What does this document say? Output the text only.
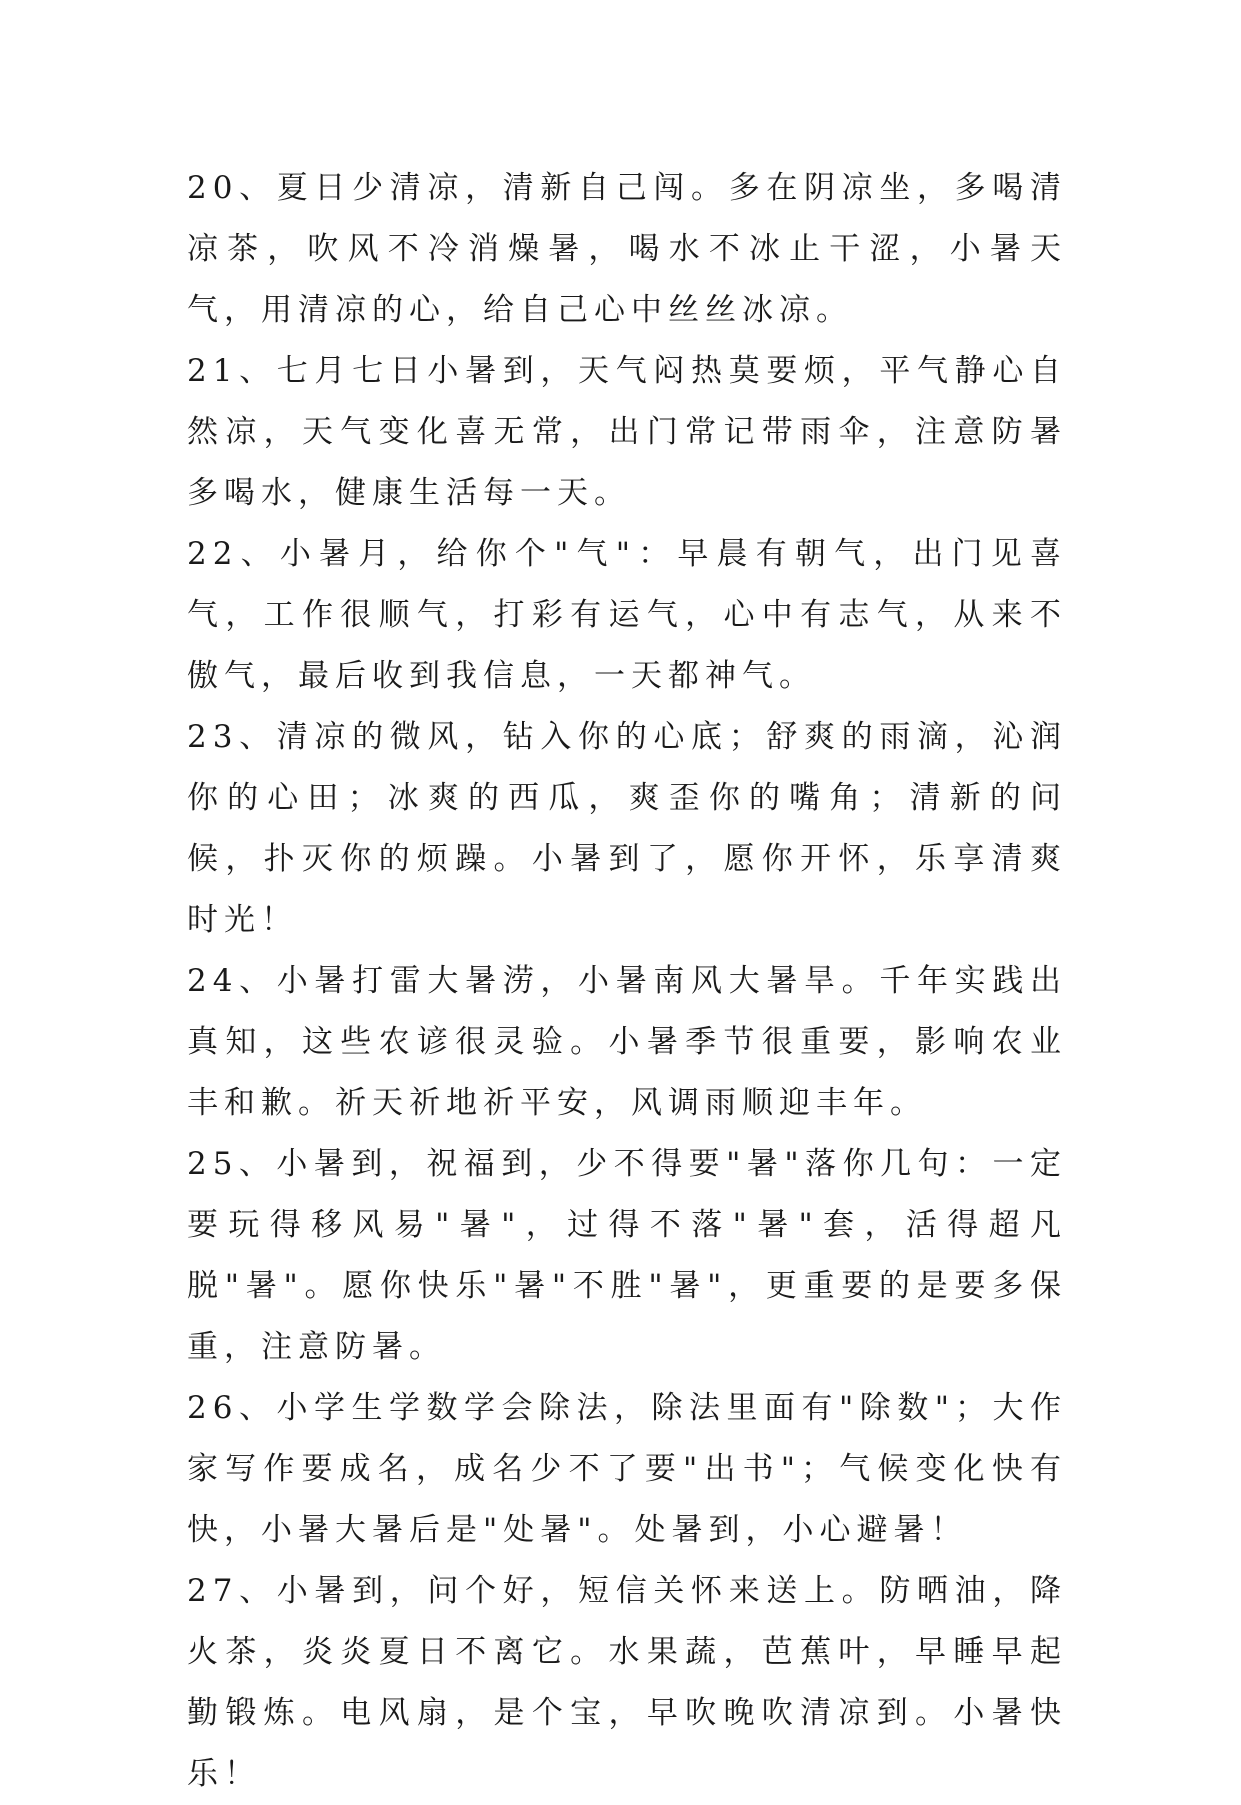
20、夏日少清凉，清新自己闯。多在阴凉坐，多喝清凉茶，吹风不冷消燥暑，喝水不冰止干涩，小暑天气，用清凉的心，给自己心中丝丝冰凉。

21、七月七日小暑到，天气闷热莫要烦，平气静心自然凉，天气变化喜无常，出门常记带雨伞，注意防暑多喝水，健康生活每一天。

22、小暑月，给你个"气"：早晨有朝气，出门见喜气，工作很顺气，打彩有运气，心中有志气，从来不傲气，最后收到我信息，一天都神气。

23、清凉的微风，钻入你的心底；舒爽的雨滴，沁润你的心田；冰爽的西瓜，爽歪你的嘴角；清新的问候，扑灭你的烦躁。小暑到了，愿你开怀，乐享清爽时光！

24、小暑打雷大暑涝，小暑南风大暑旱。千年实践出真知，这些农谚很灵验。小暑季节很重要，影响农业丰和歉。祈天祈地祈平安，风调雨顺迎丰年。

25、小暑到，祝福到，少不得要"暑"落你几句：一定要玩得移风易"暑"，过得不落"暑"套，活得超凡脱"暑"。愿你快乐"暑"不胜"暑"，更重要的是要多保重，注意防暑。

26、小学生学数学会除法，除法里面有"除数"；大作家写作要成名，成名少不了要"出书"；气候变化快有快，小暑大暑后是"处暑"。处暑到，小心避暑！

27、小暑到，问个好，短信关怀来送上。防晒油，降火茶，炎炎夏日不离它。水果蔬，芭蕉叶，早睡早起勤锻炼。电风扇，是个宝，早吹晚吹清凉到。小暑快乐！
